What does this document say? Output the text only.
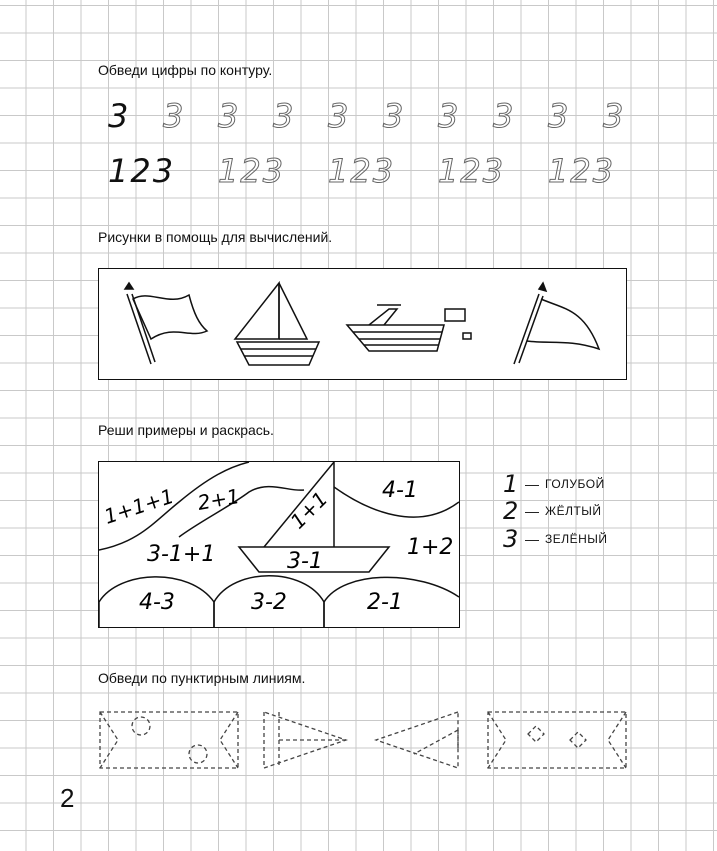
Обведи цифры по контуру.
3 3 3 3 3 3 3 3 3 3
123 123 123 123 123
Рисунки в помощь для вычислений.
Реши примеры и раскрась.
1+1+1 2+1 1+1 4-1
3-1+1	3-1
1+2
4-3	3-2	2-1
1 — ГОЛУБОЙ
2 — ЖЁЛТЫЙ
3 — ЗЕЛЁНЫЙ
Обведи по пунктирным линиям.
2
